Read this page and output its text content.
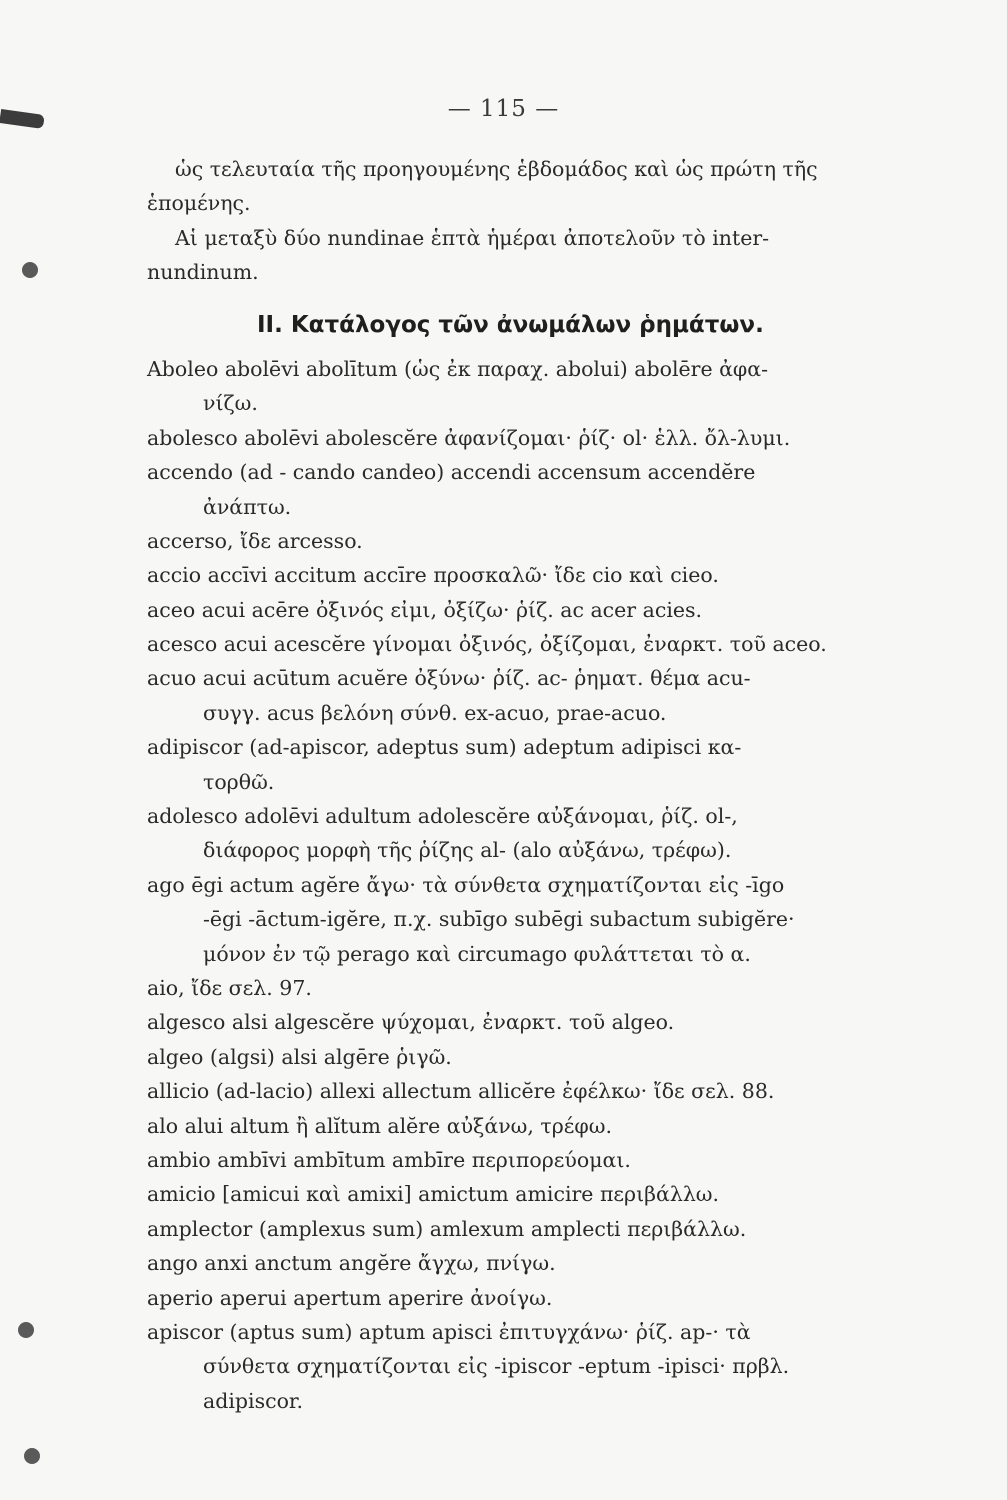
— 115 —
ὡς τελευταία τῆς προηγουμένης ἑβδομάδος καὶ ὡς πρώτη τῆς
ἑπομένης.
Αἱ μεταξὺ δύο nundinae ἑπτὰ ἡμέραι ἀποτελοῦν τὸ inter-
nundinum.
II. Κατάλογος τῶν ἀνωμάλων ῥημάτων.
Aboleo abolēvi abolītum (ὡς ἐκ παραχ. abolui) abolēre ἀφα-
νίζω.
abolesco abolēvi abolescĕre ἀφανίζομαι· ῥίζ· ol· ἑλλ. ὄλ-λυμι.
accendo (ad - cando candeo) accendi accensum accendĕre
ἀνάπτω.
accerso, ἴδε arcesso.
accio accīvi accitum accīre προσκαλῶ· ἴδε cio καὶ cieo.
aceo acui acēre ὀξινός εἰμι, ὀξίζω· ῥίζ. ac acer acies.
acesco acui acescĕre γίνομαι ὀξινός, ὀξίζομαι, ἐναρκτ. τοῦ aceo.
acuo acui acūtum acuĕre ὀξύνω· ῥίζ. ac- ῥηματ. θέμα acu-
συγγ. acus βελόνη σύνθ. ex-acuo, prae-acuo.
adipiscor (ad-apiscor, adeptus sum) adeptum adipisci κα-
τορθῶ.
adolesco adolēvi adultum adolescĕre αὐξάνομαι, ῥίζ. ol-,
διάφορος μορφὴ τῆς ῥίζης al- (alo αὐξάνω, τρέφω).
ago ēgi actum agĕre ἄγω· τὰ σύνθετα σχηματίζονται εἰς -īgo
-ēgi -āctum-igĕre, π.χ. subīgo subēgi subactum subigĕre·
μόνον ἐν τῷ perago καὶ circumago φυλάττεται τὸ α.
aio, ἴδε σελ. 97.
algesco alsi algescĕre ψύχομαι, ἐναρκτ. τοῦ algeo.
algeo (algsi) alsi algēre ῥιγῶ.
allicio (ad-lacio) allexi allectum allicĕre ἐφέλκω· ἴδε σελ. 88.
alo alui altum ἢ alĭtum alĕre αὐξάνω, τρέφω.
ambio ambīvi ambītum ambīre περιπορεύομαι.
amicio [amicui καὶ amixi] amictum amicire περιβάλλω.
amplector (amplexus sum) amlexum amplecti περιβάλλω.
ango anxi anctum angĕre ἄγχω, πνίγω.
aperio aperui apertum aperire ἀνοίγω.
apiscor (aptus sum) aptum apisci ἐπιτυγχάνω· ῥίζ. ap-· τὰ
σύνθετα σχηματίζονται εἰς -ipiscor -eptum -ipisci· πρβλ.
adipiscor.
